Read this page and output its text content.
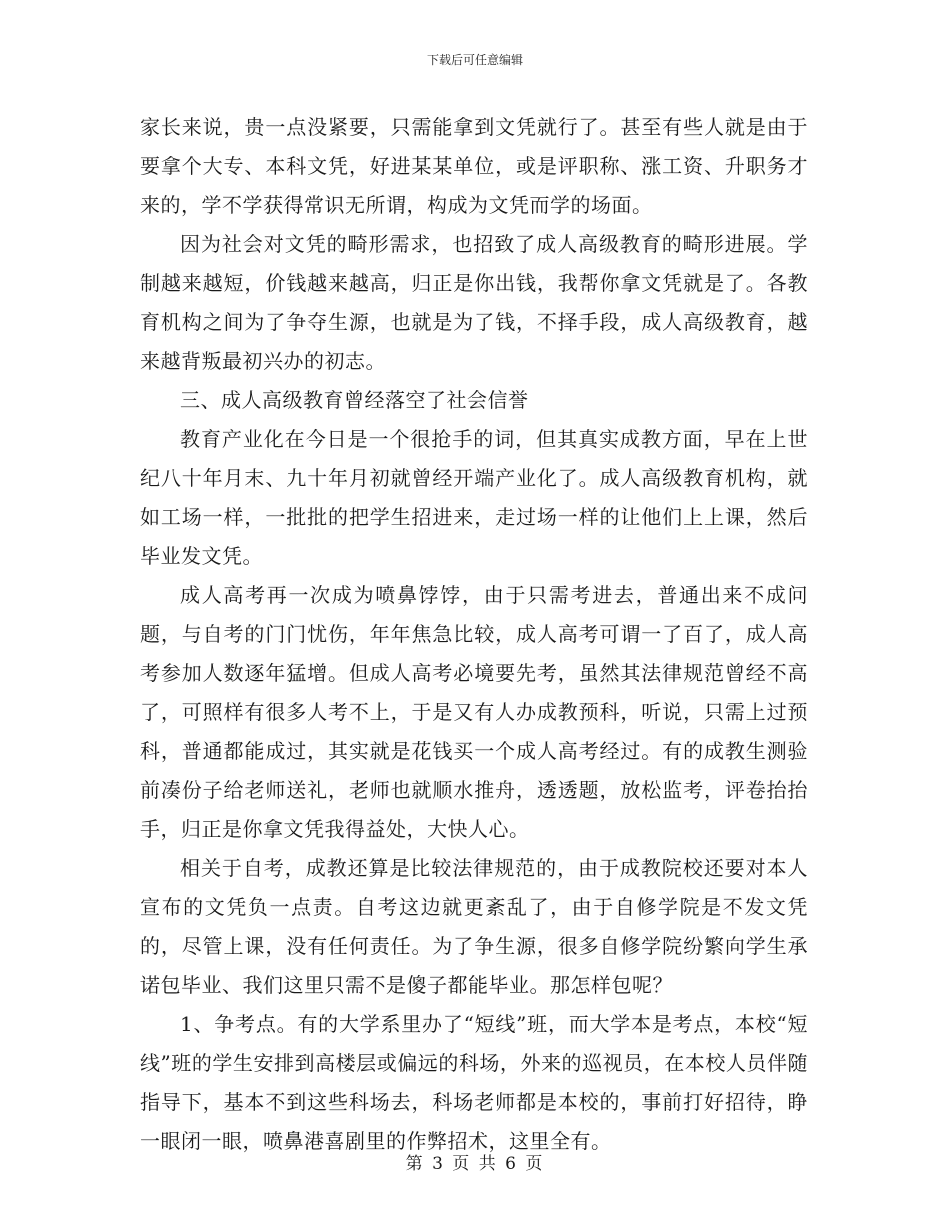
下载后可任意编辑

家长来说，贵一点没紧要，只需能拿到文凭就行了。甚至有些人就是由于要拿个大专、本科文凭，好进某某单位，或是评职称、涨工资、升职务才来的，学不学获得常识无所谓，构成为文凭而学的场面。

因为社会对文凭的畸形需求，也招致了成人高级教育的畸形进展。学制越来越短，价钱越来越高，归正是你出钱，我帮你拿文凭就是了。各教育机构之间为了争夺生源，也就是为了钱，不择手段，成人高级教育，越来越背叛最初兴办的初志。

三、成人高级教育曾经落空了社会信誉

教育产业化在今日是一个很抢手的词，但其真实成教方面，早在上世纪八十年月末、九十年月初就曾经开端产业化了。成人高级教育机构，就如工场一样，一批批的把学生招进来，走过场一样的让他们上上课，然后毕业发文凭。

成人高考再一次成为喷鼻饽饽，由于只需考进去，普通出来不成问题，与自考的门门忧伤，年年焦急比较，成人高考可谓一了百了，成人高考参加人数逐年猛增。但成人高考必境要先考，虽然其法律规范曾经不高了，可照样有很多人考不上，于是又有人办成教预科，听说，只需上过预科，普通都能成过，其实就是花钱买一个成人高考经过。有的成教生测验前凑份子给老师送礼，老师也就顺水推舟，透透题，放松监考，评卷抬抬手，归正是你拿文凭我得益处，大快人心。

相关于自考，成教还算是比较法律规范的，由于成教院校还要对本人宣布的文凭负一点责。自考这边就更紊乱了，由于自修学院是不发文凭的，尽管上课，没有任何责任。为了争生源，很多自修学院纷繁向学生承诺包毕业、我们这里只需不是傻子都能毕业。那怎样包呢？

1、争考点。有的大学系里办了“短线”班，而大学本是考点，本校“短线”班的学生安排到高楼层或偏远的科场，外来的巡视员，在本校人员伴随指导下，基本不到这些科场去，科场老师都是本校的，事前打好招待，睁一眼闭一眼，喷鼻港喜剧里的作弊招术，这里全有。

第 3 页 共 6 页
